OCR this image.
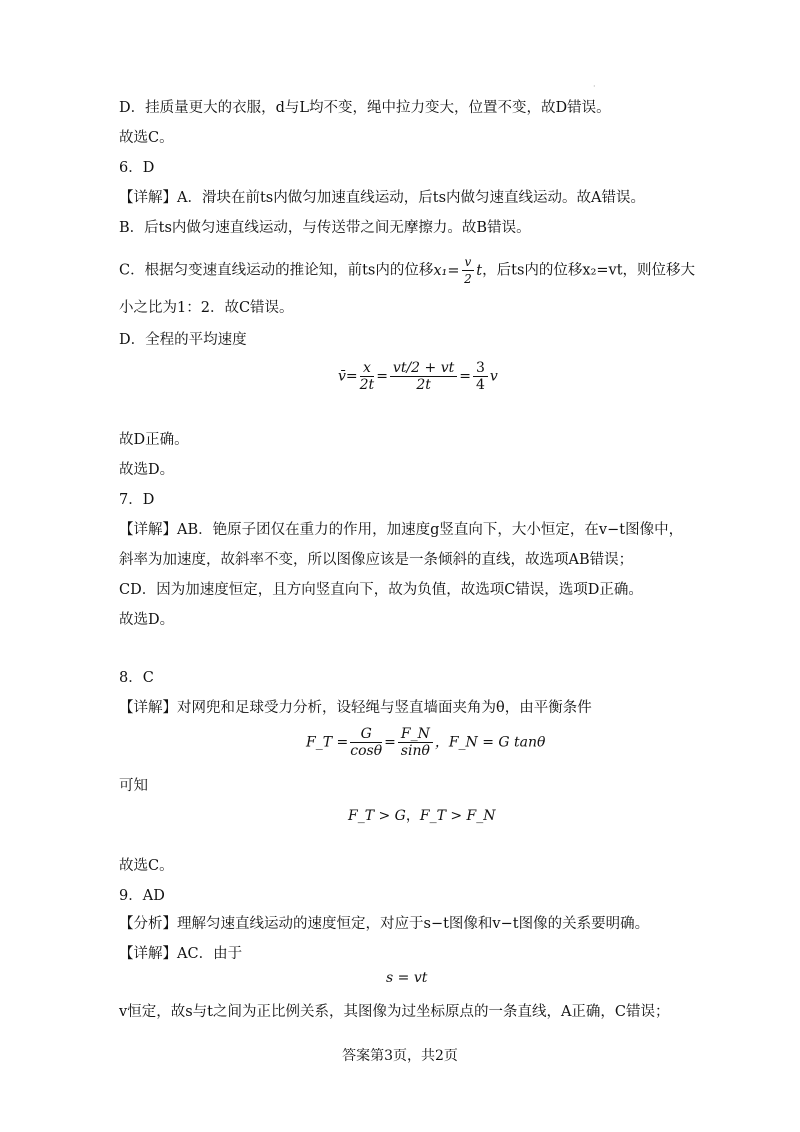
·
D．挂质量更大的衣服，d与L均不变，绳中拉力变大，位置不变，故D错误。
故选C。
6．D
【详解】A．滑块在前ts内做匀加速直线运动，后ts内做匀速直线运动。故A错误。
B．后ts内做匀速直线运动，与传送带之间无摩擦力。故B错误。
C．根据匀变速直线运动的推论知，前ts内的位移$x_1= \frac{v}{2}$ t，后ts内的位移x₂=vt，则位移大
小之比为1：2．故C错误。
D．全程的平均速度
v̄= $\frac{x}{2t} = \frac{vt/2 + vt}{2t} = \frac{3}{4}$ v
故D正确。
故选D。
7．D
【详解】AB．铯原子团仅在重力的作用，加速度g竖直向下，大小恒定，在v−t图像中，
斜率为加速度，故斜率不变，所以图像应该是一条倾斜的直线，故选项AB错误；
CD．因为加速度恒定，且方向竖直向下，故为负值，故选项C错误，选项D正确。
故选D。
8．C
【详解】对网兜和足球受力分析，设轻绳与竖直墙面夹角为θ，由平衡条件
F_T = $\frac{G}{\cos\theta} = \frac{F\_N}{\sin\theta}$ ，F_N = G tanθ
可知
F_T > G，F_T > F_N
故选C。
9．AD
【分析】理解匀速直线运动的速度恒定，对应于s−t图像和v−t图像的关系要明确。
【详解】AC．由于
s = vt
v恒定，故s与t之间为正比例关系，其图像为过坐标原点的一条直线，A正确，C错误；
答案第3页，共2页
